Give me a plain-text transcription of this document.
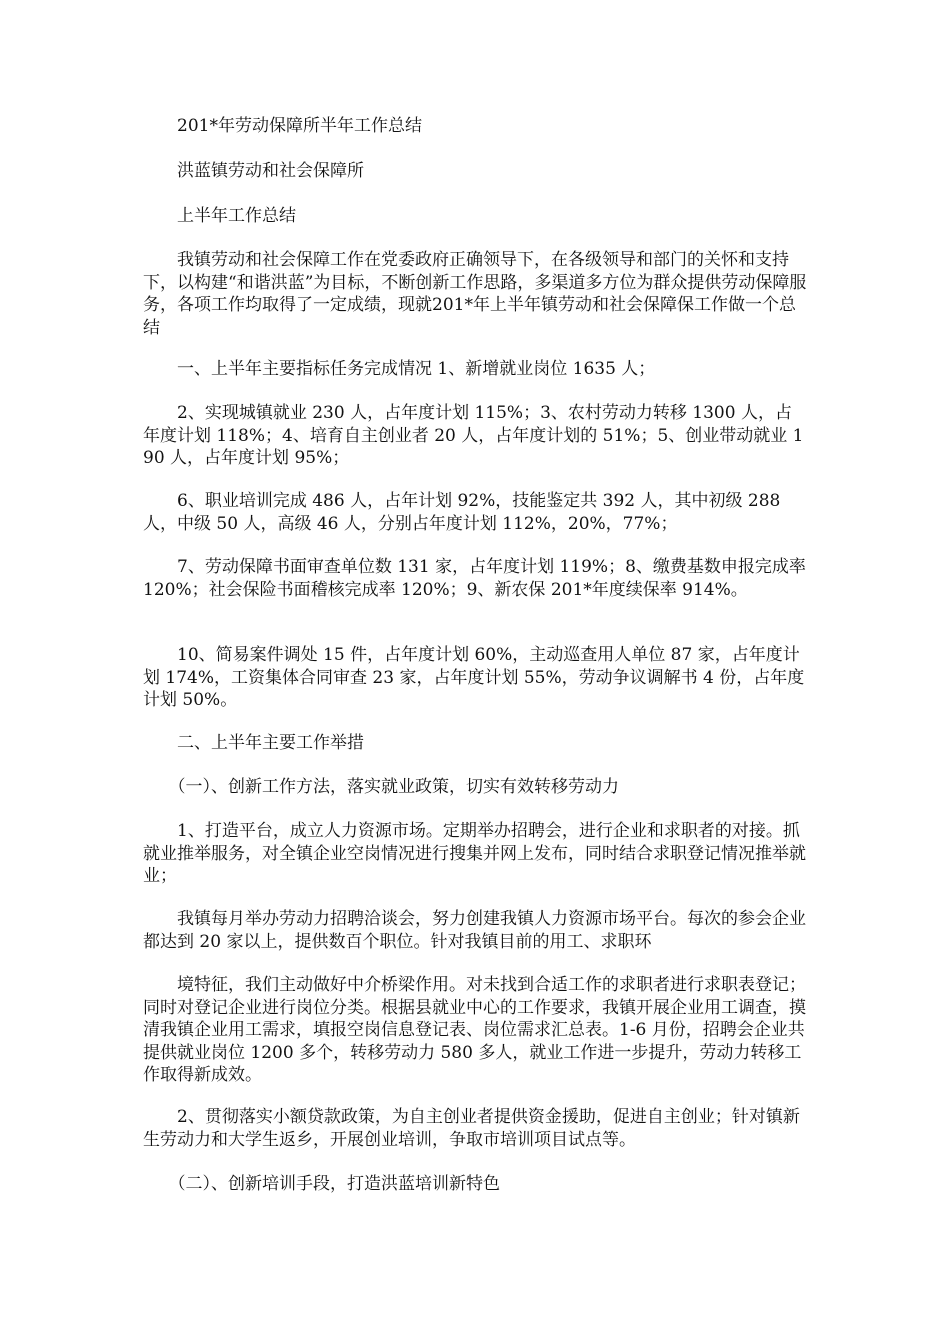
201*年劳动保障所半年工作总结

洪蓝镇劳动和社会保障所

上半年工作总结

我镇劳动和社会保障工作在党委政府正确领导下，在各级领导和部门的关怀和支持下，以构建“和谐洪蓝”为目标，不断创新工作思路，多渠道多方位为群众提供劳动保障服务，各项工作均取得了一定成绩，现就201*年上半年镇劳动和社会保障保工作做一个总结

一、上半年主要指标任务完成情况 1、新增就业岗位 1635 人；

2、实现城镇就业 230 人，占年度计划 115%；3、农村劳动力转移 1300 人，占年度计划 118%；4、培育自主创业者 20 人，占年度计划的 51%；5、创业带动就业 190 人，占年度计划 95%；

6、职业培训完成 486 人，占年计划 92%，技能鉴定共 392 人，其中初级 288 人，中级 50 人，高级 46 人，分别占年度计划 112%，20%，77%；

7、劳动保障书面审查单位数 131 家，占年度计划 119%；8、缴费基数申报完成率 120%；社会保险书面稽核完成率 120%；9、新农保 201*年度续保率 914%。

10、简易案件调处 15 件，占年度计划 60%，主动巡查用人单位 87 家，占年度计划 174%，工资集体合同审查 23 家，占年度计划 55%，劳动争议调解书 4 份，占年度计划 50%。

二、上半年主要工作举措

（一）、创新工作方法，落实就业政策，切实有效转移劳动力

1、打造平台，成立人力资源市场。定期举办招聘会，进行企业和求职者的对接。抓就业推举服务，对全镇企业空岗情况进行搜集并网上发布，同时结合求职登记情况推举就业；

我镇每月举办劳动力招聘洽谈会，努力创建我镇人力资源市场平台。每次的参会企业都达到 20 家以上，提供数百个职位。针对我镇目前的用工、求职环

境特征，我们主动做好中介桥梁作用。对未找到合适工作的求职者进行求职表登记；同时对登记企业进行岗位分类。根据县就业中心的工作要求，我镇开展企业用工调查，摸清我镇企业用工需求，填报空岗信息登记表、岗位需求汇总表。1-6 月份，招聘会企业共提供就业岗位 1200 多个，转移劳动力 580 多人，就业工作进一步提升，劳动力转移工作取得新成效。

2、贯彻落实小额贷款政策，为自主创业者提供资金援助，促进自主创业；针对镇新生劳动力和大学生返乡，开展创业培训，争取市培训项目试点等。

（二）、创新培训手段，打造洪蓝培训新特色
